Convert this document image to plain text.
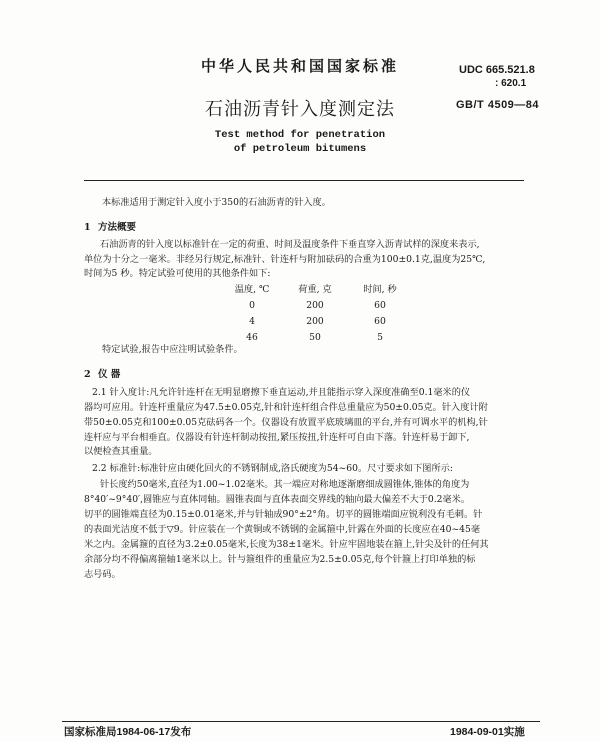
中华人民共和国国家标准	UDC 665.521.8
: 620.1
石油沥青针入度测定法	GB/T 4509—84
Test method for penetration
of petroleum bitumens
本标准适用于测定针入度小于350的石油沥青的针入度。
1 方法概要
石油沥青的针入度以标准针在一定的荷重、时间及温度条件下垂直穿入沥青试样的深度来表示,
单位为十分之一毫米。非经另行规定,标准针、针连杆与附加砝码的合重为100±0.1克,温度为25℃,
时间为5 秒。特定试验可使用的其他条件如下:
温度, ℃	荷重, 克	时间, 秒
0	200	60
4	200	60
46	50	5
特定试验,报告中应注明试验条件。
2 仪 器
2.1 针入度计:凡允许针连杆在无明显磨擦下垂直运动,并且能指示穿入深度准确至0.1毫米的仪
器均可应用。针连杆重量应为47.5±0.05克,针和针连杆组合件总重量应为50±0.05克。针入度计附
带50±0.05克和100±0.05克砝码各一个。仪器设有放置平底玻璃皿的平台,并有可调水平的机构,针
连杆应与平台相垂直。仪器设有针连杆制动按扭,紧压按扭,针连杆可自由下落。针连杆易于卸下,
以便检查其重量。
2.2 标准针:标准针应由硬化回火的不锈钢制成,洛氏硬度为54~60。尺寸要求如下图所示:
针长度约50毫米,直径为1.00~1.02毫米。其一端应对称地逐渐磨细成圆锥体,锥体的角度为
8°40′~9°40′,圆锥应与直体同轴。圆锥表面与直体表面交界线的轴向最大偏差不大于0.2毫米。
切平的圆锥端直径为0.15±0.01毫米,并与针轴成90°±2°角。切平的圆锥端面应锐利没有毛刺。针
的表面光洁度不低于▽9。针应装在一个黄铜或不锈钢的金属箍中,针露在外面的长度应在40~45毫
米之内。金属箍的直径为3.2±0.05毫米,长度为38±1毫米。针应牢固地装在箍上,针尖及针的任何其
余部分均不得偏离箍轴1毫米以上。针与箍组件的重量应为2.5±0.05克,每个针箍上打印单独的标
志号码。
国家标准局1984-06-17发布	1984-09-01实施
